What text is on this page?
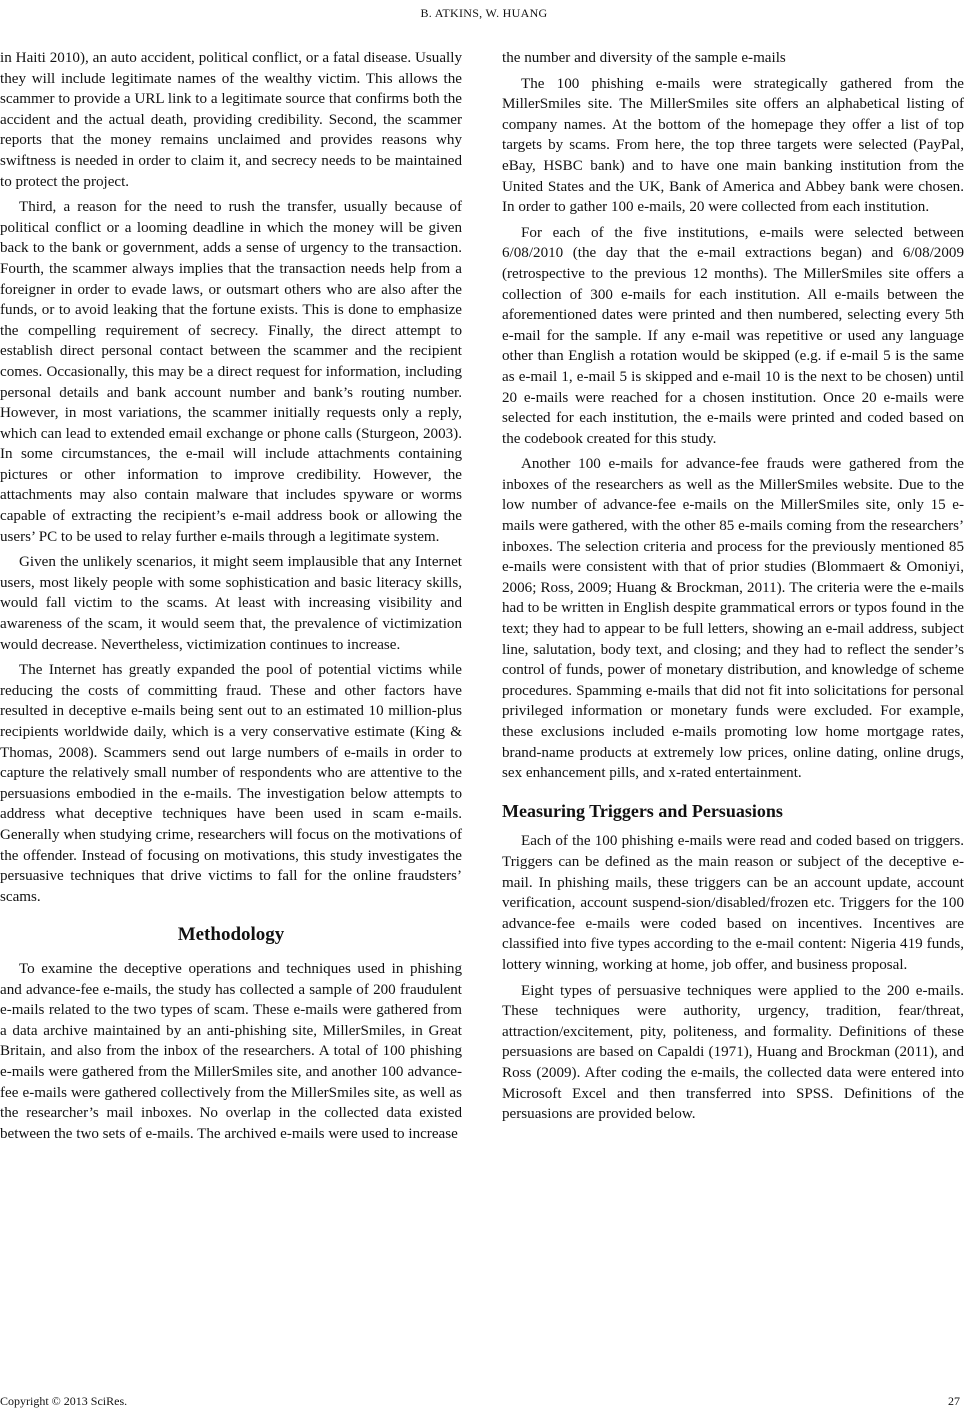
B. ATKINS, W. HUANG

in Haiti 2010), an auto accident, political conflict, or a fatal disease. Usually they will include legitimate names of the wealthy victim. This allows the scammer to provide a URL link to a legitimate source that confirms both the accident and the actual death, providing credibility. Second, the scammer reports that the money remains unclaimed and provides reasons why swiftness is needed in order to claim it, and secrecy needs to be maintained to protect the project.

Third, a reason for the need to rush the transfer, usually because of political conflict or a looming deadline in which the money will be given back to the bank or government, adds a sense of urgency to the transaction. Fourth, the scammer always implies that the transaction needs help from a foreigner in order to evade laws, or outsmart others who are also after the funds, or to avoid leaking that the fortune exists. This is done to emphasize the compelling requirement of secrecy. Finally, the direct attempt to establish direct personal contact between the scammer and the recipient comes. Occasionally, this may be a direct request for information, including personal details and bank account number and bank’s routing number. However, in most variations, the scammer initially requests only a reply, which can lead to extended email exchange or phone calls (Sturgeon, 2003). In some circumstances, the e-mail will include attachments containing pictures or other information to improve credibility. However, the attachments may also contain malware that includes spyware or worms capable of extracting the recipient’s e-mail address book or allowing the users’ PC to be used to relay further e-mails through a legitimate system.

Given the unlikely scenarios, it might seem implausible that any Internet users, most likely people with some sophistication and basic literacy skills, would fall victim to the scams. At least with increasing visibility and awareness of the scam, it would seem that, the prevalence of victimization would decrease. Nevertheless, victimization continues to increase.

The Internet has greatly expanded the pool of potential victims while reducing the costs of committing fraud. These and other factors have resulted in deceptive e-mails being sent out to an estimated 10 million-plus recipients worldwide daily, which is a very conservative estimate (King & Thomas, 2008). Scammers send out large numbers of e-mails in order to capture the relatively small number of respondents who are attentive to the persuasions embodied in the e-mails. The investigation below attempts to address what deceptive techniques have been used in scam e-mails. Generally when studying crime, researchers will focus on the motivations of the offender. Instead of focusing on motivations, this study investigates the persuasive techniques that drive victims to fall for the online fraudsters’ scams.

Methodology

To examine the deceptive operations and techniques used in phishing and advance-fee e-mails, the study has collected a sample of 200 fraudulent e-mails related to the two types of scam. These e-mails were gathered from a data archive maintained by an anti-phishing site, MillerSmiles, in Great Britain, and also from the inbox of the researchers. A total of 100 phishing e-mails were gathered from the MillerSmiles site, and another 100 advance-fee e-mails were gathered collectively from the MillerSmiles site, as well as the researcher’s mail inboxes. No overlap in the collected data existed between the two sets of e-mails. The archived e-mails were used to increase

the number and diversity of the sample e-mails

The 100 phishing e-mails were strategically gathered from the MillerSmiles site. The MillerSmiles site offers an alphabetical listing of company names. At the bottom of the homepage they offer a list of top targets by scams. From here, the top three targets were selected (PayPal, eBay, HSBC bank) and to have one main banking institution from the United States and the UK, Bank of America and Abbey bank were chosen. In order to gather 100 e-mails, 20 were collected from each institution.

For each of the five institutions, e-mails were selected between 6/08/2010 (the day that the e-mail extractions began) and 6/08/2009 (retrospective to the previous 12 months). The MillerSmiles site offers a collection of 300 e-mails for each institution. All e-mails between the aforementioned dates were printed and then numbered, selecting every 5th e-mail for the sample. If any e-mail was repetitive or used any language other than English a rotation would be skipped (e.g. if e-mail 5 is the same as e-mail 1, e-mail 5 is skipped and e-mail 10 is the next to be chosen) until 20 e-mails were reached for a chosen institution. Once 20 e-mails were selected for each institution, the e-mails were printed and coded based on the codebook created for this study.

Another 100 e-mails for advance-fee frauds were gathered from the inboxes of the researchers as well as the MillerSmiles website. Due to the low number of advance-fee e-mails on the MillerSmiles site, only 15 e-mails were gathered, with the other 85 e-mails coming from the researchers’ inboxes. The selection criteria and process for the previously mentioned 85 e-mails were consistent with that of prior studies (Blommaert & Omoniyi, 2006; Ross, 2009; Huang & Brockman, 2011). The criteria were the e-mails had to be written in English despite grammatical errors or typos found in the text; they had to appear to be full letters, showing an e-mail address, subject line, salutation, body text, and closing; and they had to reflect the sender’s control of funds, power of monetary distribution, and knowledge of scheme procedures. Spamming e-mails that did not fit into solicitations for personal privileged information or monetary funds were excluded. For example, these exclusions included e-mails promoting low home mortgage rates, brand-name products at extremely low prices, online dating, online drugs, sex enhancement pills, and x-rated entertainment.

Measuring Triggers and Persuasions

Each of the 100 phishing e-mails were read and coded based on triggers. Triggers can be defined as the main reason or subject of the deceptive e-mail. In phishing mails, these triggers can be an account update, account verification, account suspend-sion/disabled/frozen etc. Triggers for the 100 advance-fee e-mails were coded based on incentives. Incentives are classified into five types according to the e-mail content: Nigeria 419 funds, lottery winning, working at home, job offer, and business proposal.

Eight types of persuasive techniques were applied to the 200 e-mails. These techniques were authority, urgency, tradition, fear/threat, attraction/excitement, pity, politeness, and formality. Definitions of these persuasions are based on Capaldi (1971), Huang and Brockman (2011), and Ross (2009). After coding the e-mails, the collected data were entered into Microsoft Excel and then transferred into SPSS. Definitions of the persuasions are provided below.

Copyright © 2013 SciRes.	27
